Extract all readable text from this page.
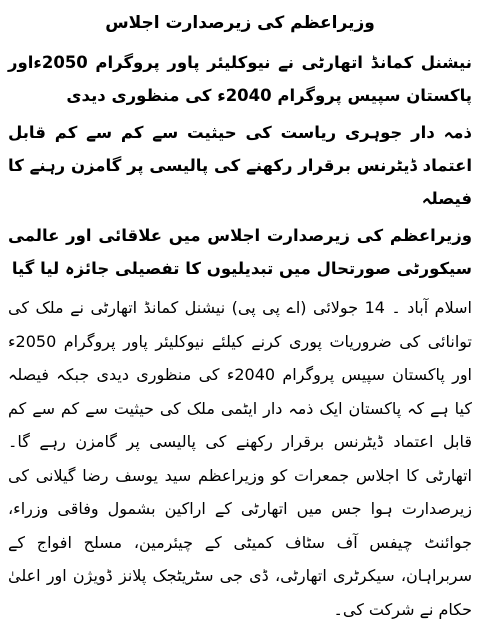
وزیراعظم کی زیرصدارت اجلاس
نیشنل کمانڈ اتھارٹی نے نیوکلیئر پاور پروگرام 2050ءاور پاکستان سپیس پروگرام 2040ء کی منظوری دیدی
ذمہ دار جوہری ریاست کی حیثیت سے کم سے کم قابل اعتماد ڈیٹرنس برقرار رکھنے کی پالیسی پر گامزن رہنے کا فیصلہ
وزیراعظم کی زیرصدارت اجلاس میں علاقائی اور عالمی سیکورٹی صورتحال میں تبدیلیوں کا تفصیلی جائزہ لیا گیا
اسلام آباد ۔ 14 جولائی (اے پی پی) نیشنل کمانڈ اتھارٹی نے ملک کی توانائی کی ضروریات پوری کرنے کیلئے نیوکلیئر پاور پروگرام 2050ء اور پاکستان سپیس پروگرام 2040ء کی منظوری دیدی جبکہ فیصلہ کیا ہے کہ پاکستان ایک ذمہ دار ایٹمی ملک کی حیثیت سے کم سے کم قابل اعتماد ڈیٹرنس برقرار رکھنے کی پالیسی پر گامزن رہے گا۔ اتھارٹی کا اجلاس جمعرات کو وزیراعظم سید یوسف رضا گیلانی کی زیرصدارت ہوا جس میں اتھارٹی کے اراکین بشمول وفاقی وزراء، جوائنٹ چیفس آف سٹاف کمیٹی کے چیئرمین، مسلح افواج کے سربراہان، سیکرٹری اتھارٹی، ڈی جی سٹریٹجک پلانز ڈویژن اور اعلیٰ حکام نے شرکت کی۔
